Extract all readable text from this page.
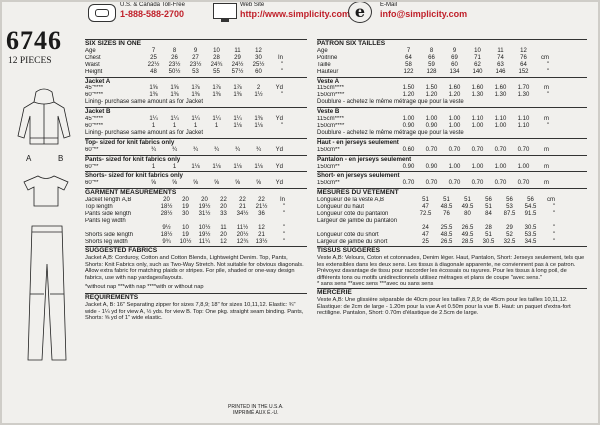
U.S. & Canada Toll-Free
1-888-588-2700
Web Site
http://www.simplicity.com e	E-Mail
info@simplicity.com
6746
12 PIECES
A	B
SIX SIZES IN ONE
Age	7	8	9	10	11	12
Chest	25	26	27	28	29	30	In
Waist	22½	23½	23½	24¾	24½	25½	"
Height	48	50½	53	55	57½	60	"
Jacket A
45"****	1⅝	1⅝	1⅞	1⅞	1⅞	2	Yd
60"****	1⅜	1⅜	1⅜	1⅜	1⅜	1½	"
Lining- purchase same amount as for Jacket
Jacket B
45"****	1¼	1¼	1¼	1¼	1¼	1⅜	Yd
60"****	1	1	1	1	1⅛	1⅛	"
Lining- purchase same amount as for Jacket
Top- sized for knit fabrics only
60"**	¾	¾	¾	¾	¾	¾	Yd
Pants- sized for knit fabrics only
60"**	1	1	1⅛	1⅛	1⅛	1⅛	Yd
Shorts- sized for knit fabrics only
60"**	⅝	⅝	⅝	⅝	⅝	⅝	Yd
GARMENT MEASUREMENTS
Jacket length A,B	20	20	20	22	22	22	In
Top length	18½	19	19½	20	21	21½	"
Pants side length	28½	30	31½	33	34½	36	"
Pants leg width
9½	10	10½	11	11½	12	"
Shorts side length	18½	19	19½	20	20½	21	"
Shorts leg width	9¾	10½	11¼	12	12¾	13½	"
SUGGESTED FABRICS
Jacket A,B: Corduroy, Cotton and Cotton Blends, Lightweight Denim. Top, Pants, Shorts: Knit Fabrics only, such as Two-Way Stretch. Not suitable for obvious diagonals. Allow extra fabric for matching plaids or stripes. For pile, shaded or one-way design fabrics, use with nap yardages/layouts.
*without nap ***with nap ****with or without nap
REQUIREMENTS
Jacket A, B: 16" Separating zipper for sizes 7,8,9; 18" for sizes 10,11,12. Elastic: ¾" wide - 1¼ yd for view A, ½ yds. for view B. Top: One pkg. straight seam binding. Pants, Shorts: ⅝ yd of 1" wide elastic.
PATRON SIX TAILLES
Âge	7	8	9	10	11	12
Poitrine	64	66	69	71	74	76	cm
Taille	58	59	60	62	63	64	"
Hauteur	122	128	134	140	146	152	"
Veste A
115cm****	1.50	1.50	1.60	1.60	1.60	1.70	m
150cm****	1.20	1.20	1.20	1.30	1.30	1.30	"
Doublure - achetez le même métrage que pour la veste
Veste B
115cm****	1.00	1.00	1.00	1.10	1.10	1.10	m
150cm****	0.90	0.90	1.00	1.00	1.00	1.10	"
Doublure - achetez le même métrage que pour la veste
Haut - en jerseys seulement
150cm**	0.60	0.70	0.70	0.70	0.70	0.70	m
Pantalon - en jerseys seulement
150cm**	0.90	0.90	1.00	1.00	1.00	1.00	m
Short- en jerseys seulement
150cm**	0.70	0.70	0.70	0.70	0.70	0.70	m
MESURES DU VETEMENT
Longueur de la veste A,B	51	51	51	56	56	56	cm
Longueur du haut	47	48.5	49.5	51	53	54.5	"
Longueur côté du pantalon	72.5	76	80	84	87.5	91.5	"
Largeur de jambe du pantalon
24	25.5	26.5	28	29	30.5	"
Longueur côté du short	47	48.5	49.5	51	52	53.5	"
Largeur de jambe du short	25	26.5	28.5	30.5	32.5	34.5	"
TISSUS SUGGERES
Veste A,B: Velours, Coton et cotonnades, Denim léger. Haut, Pantalon, Short: Jerseys seulement, tels que les extensibles dans les deux sens. Les tissus à diagonale apparente, ne conviennent pas à ce patron. Prévoyez davantage de tissu pour raccorder les écossais ou rayures. Pour les tissus à long poil, de différents tons ou motifs unidirectionnels utilisez métrages et plans de coupe "avec sens."
* sans sens **avec sens ***avec ou sans sens
MERCERIE
Veste A,B: Une glissière séparable de 40cm pour les tailles 7,8,9; de 45cm pour les tailles 10,11,12. Élastique: de 2cm de large - 1.20m pour la vue A et 0.50m pour la vue B. Haut: un paquet d'extra-fort rectiligne. Pantalon, Short: 0.70m d'élastique de 2.5cm de large.
PRINTED IN THE U.S.A.
IMPRIMÉ AUX É.-U.
